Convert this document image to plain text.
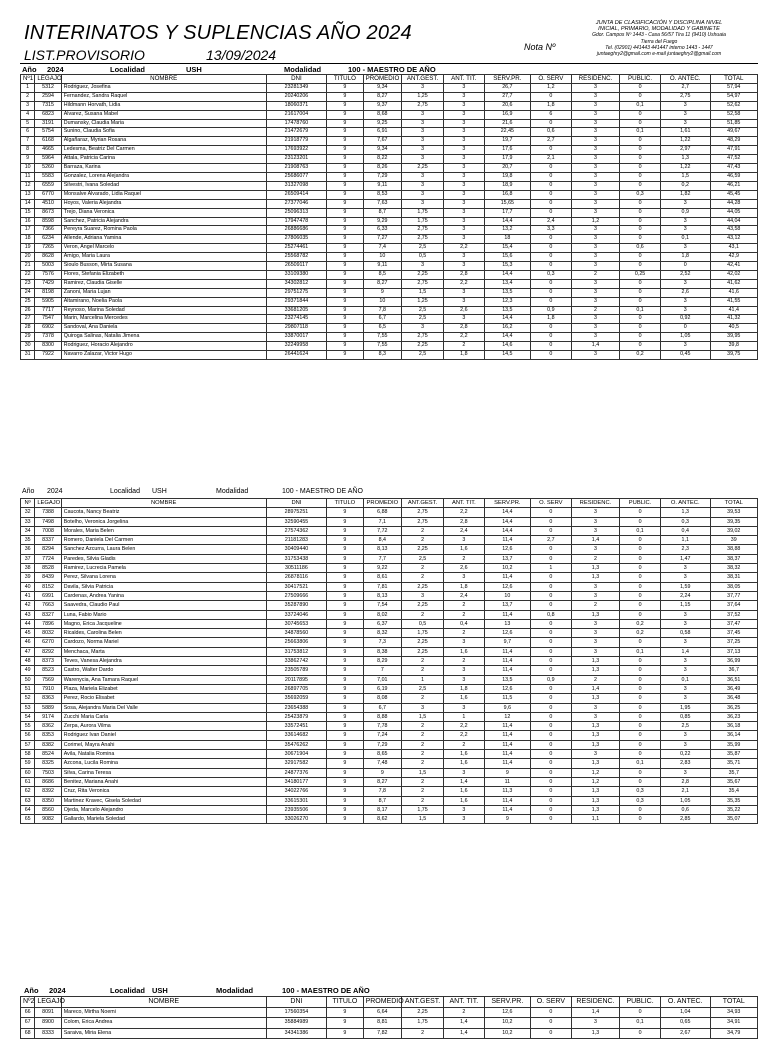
INTERINATOS Y SUPLENCIAS AÑO 2024
LIST.PROVISORIO	13/09/2024	Nota Nº
JUNTA DE CLASIFICACIÓN Y DISCIPLINA NIVEL
INICIAL, PRIMARIO, MODALIDAD Y GABINETE
Gdor. Campos Nº 1443 - Casa 56/57 Tira 11 (9410) Ushuaia
Tierra del Fuego
Tel. (02901) 441443 441447 interno 1443 - 1447
juntaeghry2@gmail.com e-mail juntaeghry2@gmail.com
Año 2024	Localidad	USH	Modalidad	100 - MAESTRO DE AÑO
Nº1	LEGAJO	NOMBRE	DNI	TITULO	PROMEDIO	ANT.GEST.	ANT. TIT.	SERV.PR.	O. SERV	RESIDENC.	PUBLIC.	O. ANTEC.	TOTAL
1	5312	Rodriguez, Josefina	23281349	9	9,34	3	3	26,7	1,2	3	0	2,7	57,94
2	2594	Fernandez, Sandra Raquel	20240206	9	8,27	1,25	3	27,7	0	3	0	2,75	54,97
3	7315	Hildmann Horvath, Lidia	18060371	9	9,37	2,75	3	20,6	1,8	3	0,1	3	52,62
4	6823	Alvarez, Susana Mabel	21617004	9	8,68	3	3	16,9	6	3	0	3	52,58
5	3191	Dumansky, Claudia Maria	17478760	9	9,25	3	3	21,6	0	3	0	3	51,85
6	5754	Sunino, Claudia Sofia	21472679	9	6,91	3	3	22,45	0,6	3	0,1	1,61	49,67
7	6168	Algañaraz, Myrian Rosana	21918779	9	7,67	3	3	19,7	2,7	3	0	1,22	48,29
8	4665	Ledesma, Beatriz Del Carmen	17693922	9	9,34	3	3	17,6	0	3	0	2,97	47,91
9	5964	Attala, Patricia Carina	23123201	9	8,22	3	3	17,9	2,1	3	0	1,3	47,52
10	5260	Barraza, Karina	21908763	9	8,26	2,25	3	20,7	0	3	0	1,22	47,43
11	5583	Gonzalez, Lorena Alejandra	25686077	9	7,29	3	3	19,8	0	3	0	1,5	46,59
12	6559	Silvestri, Ivana Soledad	31327098	9	9,11	3	3	18,9	0	3	0	0,2	46,21
13	6770	Monsalve Alvarado, Lidia Raquel	26509414	9	8,53	3	3	16,8	0	3	0,3	1,82	45,45
14	4510	Hoyos, Valeria Alejandra	27377046	9	7,63	3	3	15,65	0	3	0	3	44,28
15	8673	Trejo, Diana Veronica	25096313	9	8,7	1,75	3	17,7	0	3	0	0,9	44,05
16	8598	Sanchez, Patricia Alejandra	17947478	9	9,29	1,75	3	14,4	2,4	1,2	0	3	44,04
17	7366	Pereyra Suarez, Romina Paola	26886686	9	6,33	2,75	3	13,2	3,3	3	0	3	43,58
18	6234	Allende, Adriana Yamina	27806035	9	7,27	2,75	3	18	0	3	0	0,1	43,12
19	7265	Veron, Angel Marcelo	25274461	9	7,4	2,5	2,2	15,4	0	3	0,6	3	43,1
20	8628	Amigo, Maria Laura	25568782	9	10	0,5	3	15,6	0	3	0	1,8	42,9
21	5003	Sioulo Busson, Mirta Susana	26509117	9	9,11	3	3	15,3	0	3	0	0	42,41
22	7576	Flores, Stefania Elizabeth	33109380	9	8,5	2,25	2,8	14,4	0,3	2	0,25	2,52	42,02
23	7429	Ramirez, Claudia Giselle	34302812	9	8,27	2,75	2,2	13,4	0	3	0	3	41,62
24	8198	Zanoni, Maria Lujan	29751275	9	9	1,5	3	13,5	0	3	0	2,6	41,6
25	5905	Altamirano, Noelia Paola	29371844	9	10	1,25	3	12,3	0	3	0	3	41,55
26	7717	Reynoso, Marina Soledad	33681205	9	7,8	2,5	2,6	13,5	0,9	2	0,1	3	41,4
27	7547	Marin, Marcelina Mercedes	23274145	9	6,7	2,5	3	14,4	1,8	3	0	0,92	41,32
28	6902	Sandoval, Ana Daniela	29807118	9	6,5	3	2,8	16,2	0	3	0	0	40,5
29	7378	Quiroga Salinas, Natalia Jimena	33870017	9	7,55	2,75	2,2	14,4	0	3	0	1,05	39,95
30	8300	Rodriguez, Horacio Alejandro	32249958	9	7,55	2,25	2	14,6	0	1,4	0	3	39,8
31	7922	Navarro Zalazar, Victor Hugo	26441624	9	8,3	2,5	1,8	14,5	0	3	0,2	0,45	39,75
Año 2024	Localidad USH	Modalidad	100 - MAESTRO DE AÑO
Nº	LEGAJO	NOMBRE	DNI	TITULO	PROMEDIO	ANT.GEST.	ANT. TIT.	SERV.PR.	O. SERV	RESIDENC.	PUBLIC.	O. ANTEC.	TOTAL
32	7388	Caucota, Nancy Beatriz	28975251	9	6,88	2,75	2,2	14,4	0	3	0	1,3	39,53
33	7498	Botelho, Veronica Jorgelina	32590455	9	7,1	2,75	2,8	14,4	0	3	0	0,3	39,35
34	7008	Morales, Maria Belen	27574362	9	7,72	2	2,4	14,4	0	3	0,1	0,4	39,02
35	8337	Romero, Daniela Del Carmen	21181283	9	8,4	2	3	11,4	2,7	1,4	0	1,1	39
36	8294	Sanchez Azcurra, Laura Belen	30409440	9	8,13	2,25	1,6	12,6	0	3	0	2,3	38,88
37	7724	Paredes, Silvia Gladis	31753438	9	7,7	2,5	2	13,7	0	2	0	1,47	38,37
38	8528	Ramirez, Lucrecia Pamela	30511186	9	9,22	2	2,6	10,2	1	1,3	0	3	38,32
39	8439	Perez, Silvana Lorena	26878116	9	8,61	2	3	11,4	0	1,3	0	3	38,31
40	8152	Davila, Silvia Patricia	30417521	9	7,81	2,25	1,8	12,6	0	3	0	1,59	38,05
41	6991	Cardenas, Andrea Yanina	27509666	9	8,13	3	2,4	10	0	3	0	2,24	37,77
42	7663	Saavedra, Claudio Paul	35287890	9	7,54	2,25	2	13,7	0	2	0	1,15	37,64
43	8327	Luna, Fabio Mario	33724046	9	8,02	2	2	11,4	0,8	1,3	0	3	37,52
44	7896	Magno, Erica Jacqueline	30745653	9	6,37	0,5	0,4	13	0	3	0,2	3	37,47
45	8032	Ricaldes, Carolina Belen	34878560	9	8,32	1,75	2	12,6	0	3	0,2	0,58	37,45
46	6270	Cardozo, Norma Mariel	25663806	9	7,3	2,25	3	9,7	0	3	0	3	37,25
47	8292	Menchaca, Marta	31753812	9	8,38	2,25	1,6	11,4	0	3	0,1	1,4	37,13
48	8373	Teves, Vanesa Alejandra	33862742	9	8,29	2	2	11,4	0	1,3	0	3	36,99
49	8523	Castro, Walter Dardo	23505789	9	7	2	3	11,4	0	1,3	0	3	36,7
50	7569	Warenycia, Ana Tamara Raquel	20117895	9	7,01	1	3	13,5	0,9	2	0	0,1	36,51
51	7910	Plaza, Mariela Elizabet	26897705	9	6,19	2,5	1,8	12,6	0	1,4	0	3	36,49
52	8363	Perez, Rocio Elisabet	35692059	9	8,08	2	1,6	11,5	0	1,3	0	3	36,48
53	5889	Sosa, Alejandra Maria Del Valle	23654388	9	6,7	3	3	9,6	0	3	0	1,95	36,25
54	9174	Zucchi Maria Carla	25423879	9	8,88	1,5	1	12	0	3	0	0,85	36,23
55	8362	Zerpa, Aurora Vilma	33572451	9	7,78	2	2,2	11,4	0	1,3	0	2,5	36,18
56	8353	Rodriguez Ivan Daniel	33614682	9	7,24	2	2,2	11,4	0	1,3	0	3	36,14
57	8382	Corimel, Mayra Anahi	35476262	9	7,29	2	2	11,4	0	1,3	0	3	35,99
58	8524	Avila, Natalia Romina	30671904	9	8,65	2	1,6	11,4	0	3	0	0,22	35,87
59	8325	Azcona, Lucila Romina	32917582	9	7,48	2	1,6	11,4	0	1,3	0,1	2,83	35,71
60	7503	Silva, Carina Teresa	24877376	9	9	1,5	3	9	0	1,2	0	3	35,7
61	8686	Benitez, Mariana Anahi	34180177	9	8,27	2	1,4	11	0	1,2	0	2,8	35,67
62	8392	Cruz, Rita Veronica	34022766	9	7,8	2	1,6	11,3	0	1,3	0,3	2,1	35,4
63	8350	Martinez Kravec, Gisela Soledad	33615301	9	8,7	2	1,6	11,4	0	1,3	0,3	1,05	35,35
64	8560	Ojeda, Marcelo Alejandro	23935506	9	8,17	1,75	3	11,4	0	1,3	0	0,6	35,22
65	9082	Gallardo, Mariela Soledad	33026270	9	8,62	1,5	3	9	0	1,1	0	2,85	35,07
Año 2024	Localidad USH	Modalidad	100 - MAESTRO DE AÑO
Nº2	LEGAJO	NOMBRE	DNI	TITULO	PROMEDIO	ANT.GEST.	ANT. TIT.	SERV.PR.	O. SERV	RESIDENC.	PUBLIC.	O. ANTEC.	TOTAL
66	8091	Mareco, Mirtha Noemi	17560354	9	6,64	2,25	2	12,6	0	1,4	0	1,04	34,93
67	8900	Colom, Erica Andrea	35884989	9	8,81	1,75	1,4	10,2	0	3	0,1	0,65	34,91
68	8333	Saraiva, Miria Elena	34341386	9	7,82	2	1,4	10,2	0	1,3	0	2,67	34,79
